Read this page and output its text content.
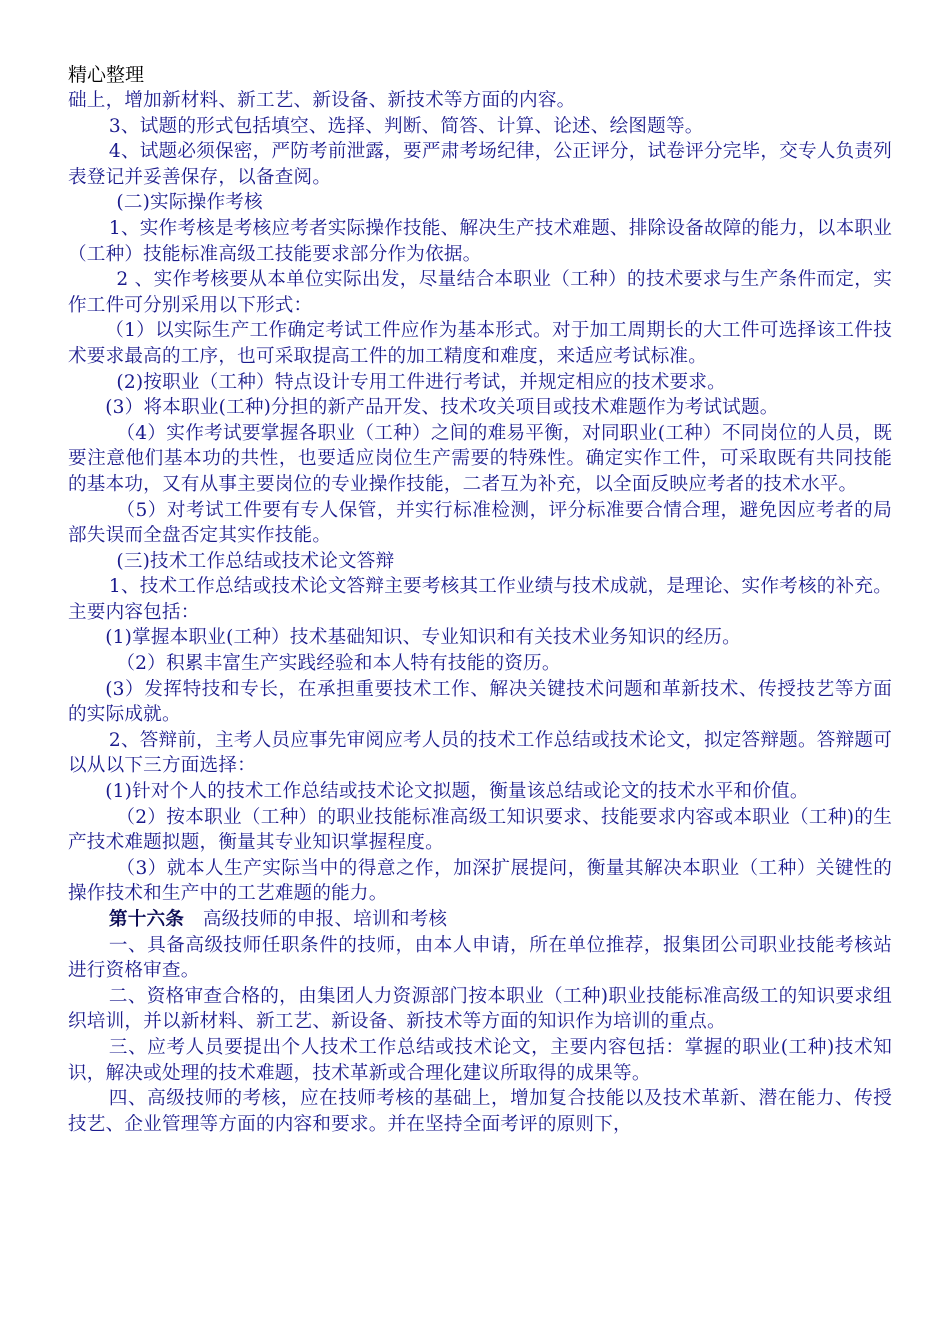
精心整理

础上，增加新材料、新工艺、新设备、新技术等方面的内容。

3、试题的形式包括填空、选择、判断、简答、计算、论述、绘图题等。

4、试题必须保密，严防考前泄露，要严肃考场纪律，公正评分，试卷评分完毕，交专人负责列表登记并妥善保存，以备查阅。

(二)实际操作考核

1、实作考核是考核应考者实际操作技能、解决生产技术难题、排除设备故障的能力，以本职业（工种）技能标准高级工技能要求部分作为依据。

2 、实作考核要从本单位实际出发，尽量结合本职业（工种）的技术要求与生产条件而定，实作工件可分别采用以下形式：

（1）以实际生产工作确定考试工件应作为基本形式。对于加工周期长的大工件可选择该工件技术要求最高的工序，也可采取提高工件的加工精度和难度，来适应考试标准。

(2)按职业（工种）特点设计专用工件进行考试，并规定相应的技术要求。

(3）将本职业(工种)分担的新产品开发、技术攻关项目或技术难题作为考试试题。

（4）实作考试要掌握各职业（工种）之间的难易平衡，对同职业(工种）不同岗位的人员，既要注意他们基本功的共性，也要适应岗位生产需要的特殊性。确定实作工件，可采取既有共同技能的基本功，又有从事主要岗位的专业操作技能，二者互为补充，以全面反映应考者的技术水平。

（5）对考试工件要有专人保管，并实行标准检测，评分标准要合情合理，避免因应考者的局部失误而全盘否定其实作技能。

(三)技术工作总结或技术论文答辩

1、技术工作总结或技术论文答辩主要考核其工作业绩与技术成就，是理论、实作考核的补充。主要内容包括：

(1)掌握本职业(工种）技术基础知识、专业知识和有关技术业务知识的经历。

（2）积累丰富生产实践经验和本人特有技能的资历。

(3）发挥特技和专长，在承担重要技术工作、解决关键技术问题和革新技术、传授技艺等方面的实际成就。

2、答辩前，主考人员应事先审阅应考人员的技术工作总结或技术论文，拟定答辩题。答辩题可以从以下三方面选择：

(1)针对个人的技术工作总结或技术论文拟题，衡量该总结或论文的技术水平和价值。

（2）按本职业（工种）的职业技能标准高级工知识要求、技能要求内容或本职业（工种)的生产技术难题拟题，衡量其专业知识掌握程度。

（3）就本人生产实际当中的得意之作，加深扩展提问，衡量其解决本职业（工种）关键性的操作技术和生产中的工艺难题的能力。

第十六条　 高级技师的申报、培训和考核

一、具备高级技师任职条件的技师，由本人申请，所在单位推荐，报集团公司职业技能考核站进行资格审查。

二、资格审查合格的，由集团人力资源部门按本职业（工种)职业技能标准高级工的知识要求组织培训，并以新材料、新工艺、新设备、新技术等方面的知识作为培训的重点。

三、应考人员要提出个人技术工作总结或技术论文，主要内容包括：掌握的职业(工种)技术知识，解决或处理的技术难题，技术革新或合理化建议所取得的成果等。

四、高级技师的考核，应在技师考核的基础上，增加复合技能以及技术革新、潜在能力、传授技艺、企业管理等方面的内容和要求。并在坚持全面考评的原则下，
